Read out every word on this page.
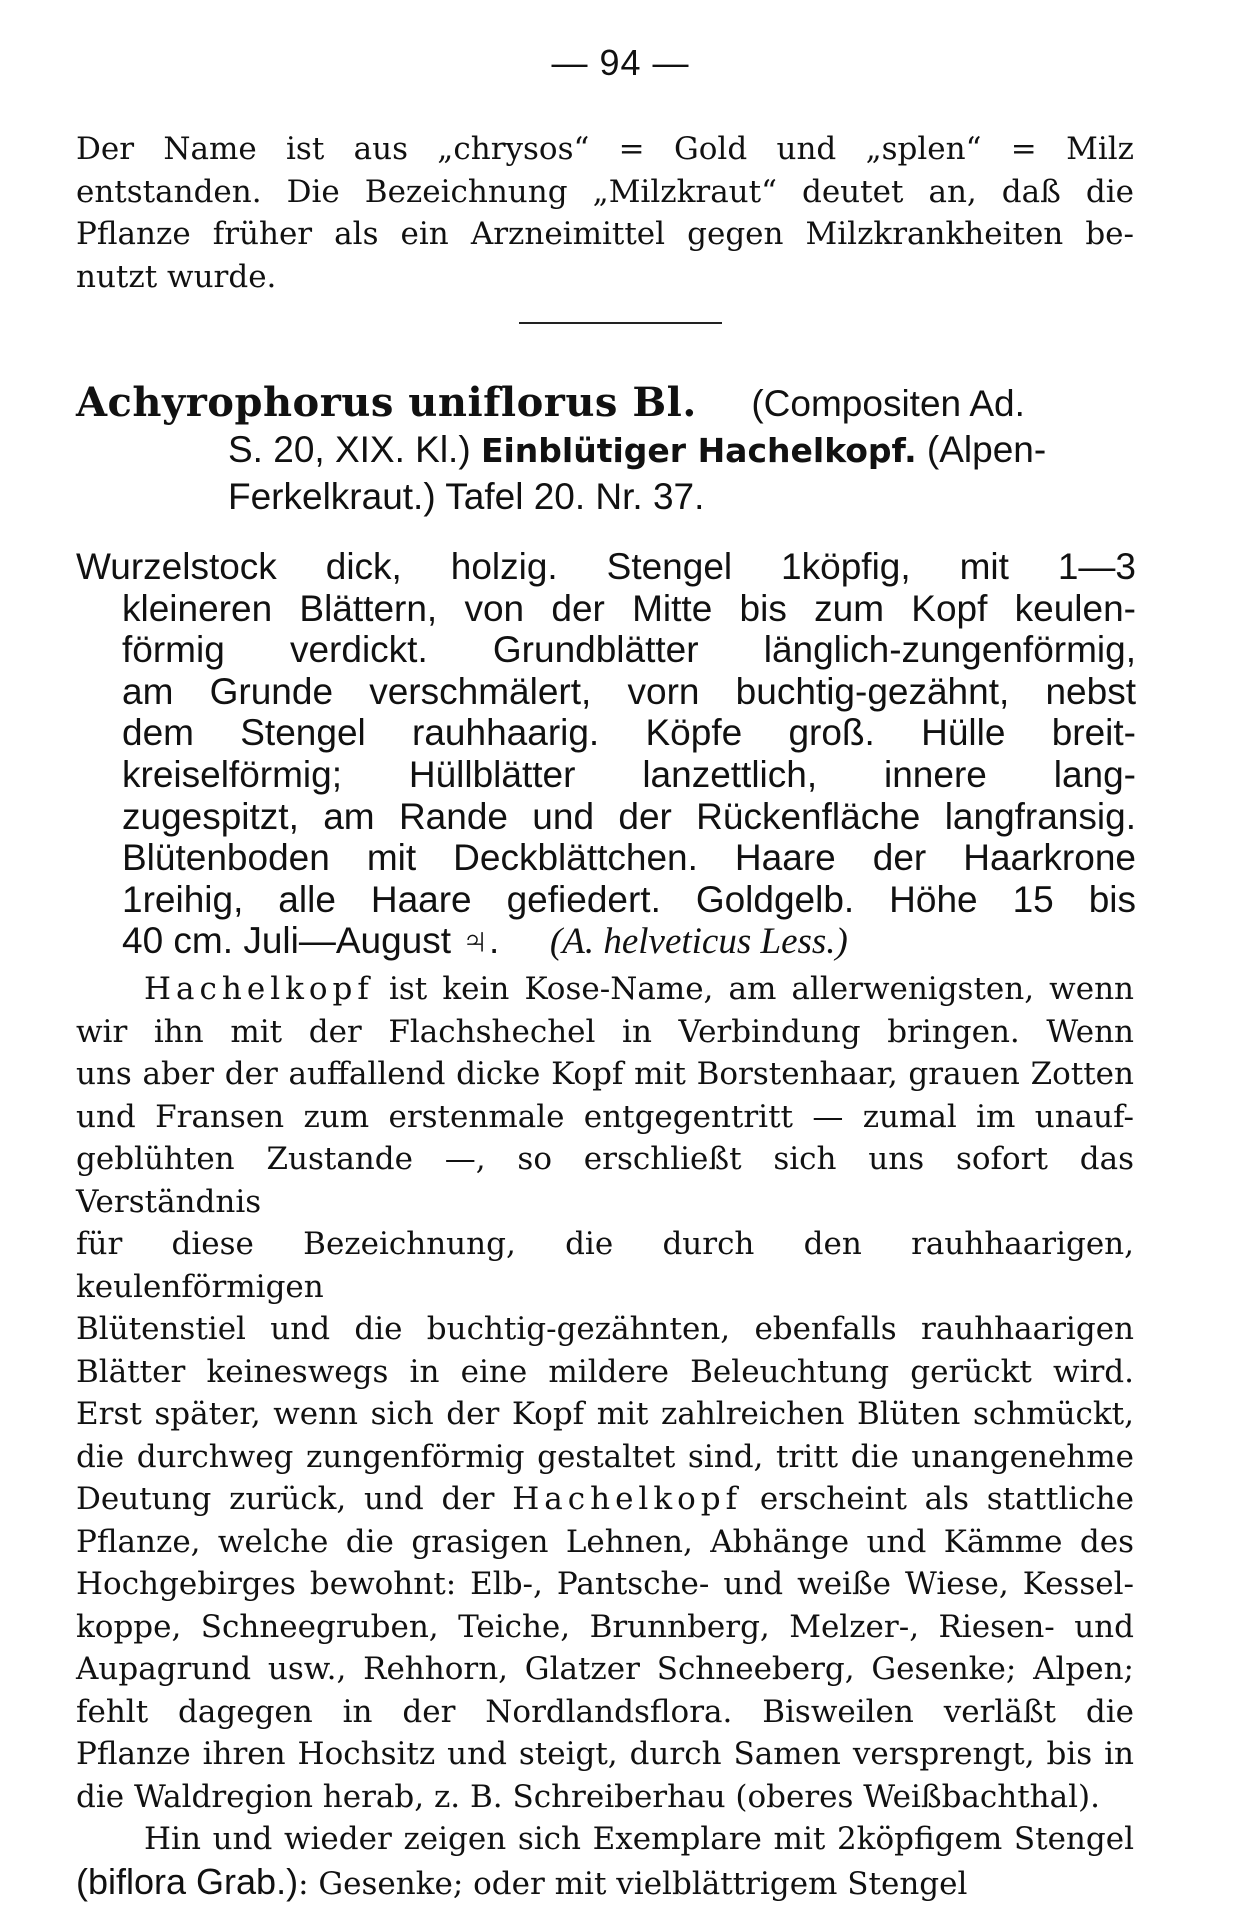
— 94 —

Der Name ist aus „chrysos“ = Gold und „splen“ = Milz

entstanden. Die Bezeichnung „Milzkraut“ deutet an, daß die

Pflanze früher als ein Arzneimittel gegen Milzkrankheiten be-

nutzt wurde.

Achyrophorus uniflorus Bl. (Compositen Ad.
S. 20, XIX. Kl.) Einblütiger Hachelkopf. (Alpen-
Ferkelkraut.) Tafel 20. Nr. 37.
Wurzelstock dick, holzig. Stengel 1köpfig, mit 1—3
kleineren Blättern, von der Mitte bis zum Kopf keulen-
förmig verdickt. Grundblätter länglich-zungenförmig,
am Grunde verschmälert, vorn buchtig-gezähnt, nebst
dem Stengel rauhhaarig. Köpfe groß. Hülle breit-
kreiselförmig; Hüllblätter lanzettlich, innere lang-
zugespitzt, am Rande und der Rückenfläche langfransig.
Blütenboden mit Deckblättchen. Haare der Haarkrone
1reihig, alle Haare gefiedert. Goldgelb. Höhe 15 bis
40 cm. Juli—August ♃. (A. helveticus Less.)

Hachelkopf ist kein Kose-Name, am allerwenigsten, wenn

wir ihn mit der Flachshechel in Verbindung bringen. Wenn

uns aber der auffallend dicke Kopf mit Borstenhaar, grauen Zotten

und Fransen zum erstenmale entgegentritt — zumal im unauf-

geblühten Zustande —, so erschließt sich uns sofort das Verständnis

für diese Bezeichnung, die durch den rauhhaarigen, keulenförmigen

Blütenstiel und die buchtig-gezähnten, ebenfalls rauhhaarigen

Blätter keineswegs in eine mildere Beleuchtung gerückt wird.

Erst später, wenn sich der Kopf mit zahlreichen Blüten schmückt,

die durchweg zungenförmig gestaltet sind, tritt die unangenehme

Deutung zurück, und der Hachelkopf erscheint als stattliche

Pflanze, welche die grasigen Lehnen, Abhänge und Kämme des

Hochgebirges bewohnt: Elb-, Pantsche- und weiße Wiese, Kessel-

koppe, Schneegruben, Teiche, Brunnberg, Melzer-, Riesen- und

Aupagrund usw., Rehhorn, Glatzer Schneeberg, Gesenke; Alpen;

fehlt dagegen in der Nordlandsflora. Bisweilen verläßt die

Pflanze ihren Hochsitz und steigt, durch Samen versprengt, bis in

die Waldregion herab, z. B. Schreiberhau (oberes Weißbachthal).

Hin und wieder zeigen sich Exemplare mit 2köpfigem Stengel

(biflora Grab.): Gesenke; oder mit vielblättrigem Stengel
